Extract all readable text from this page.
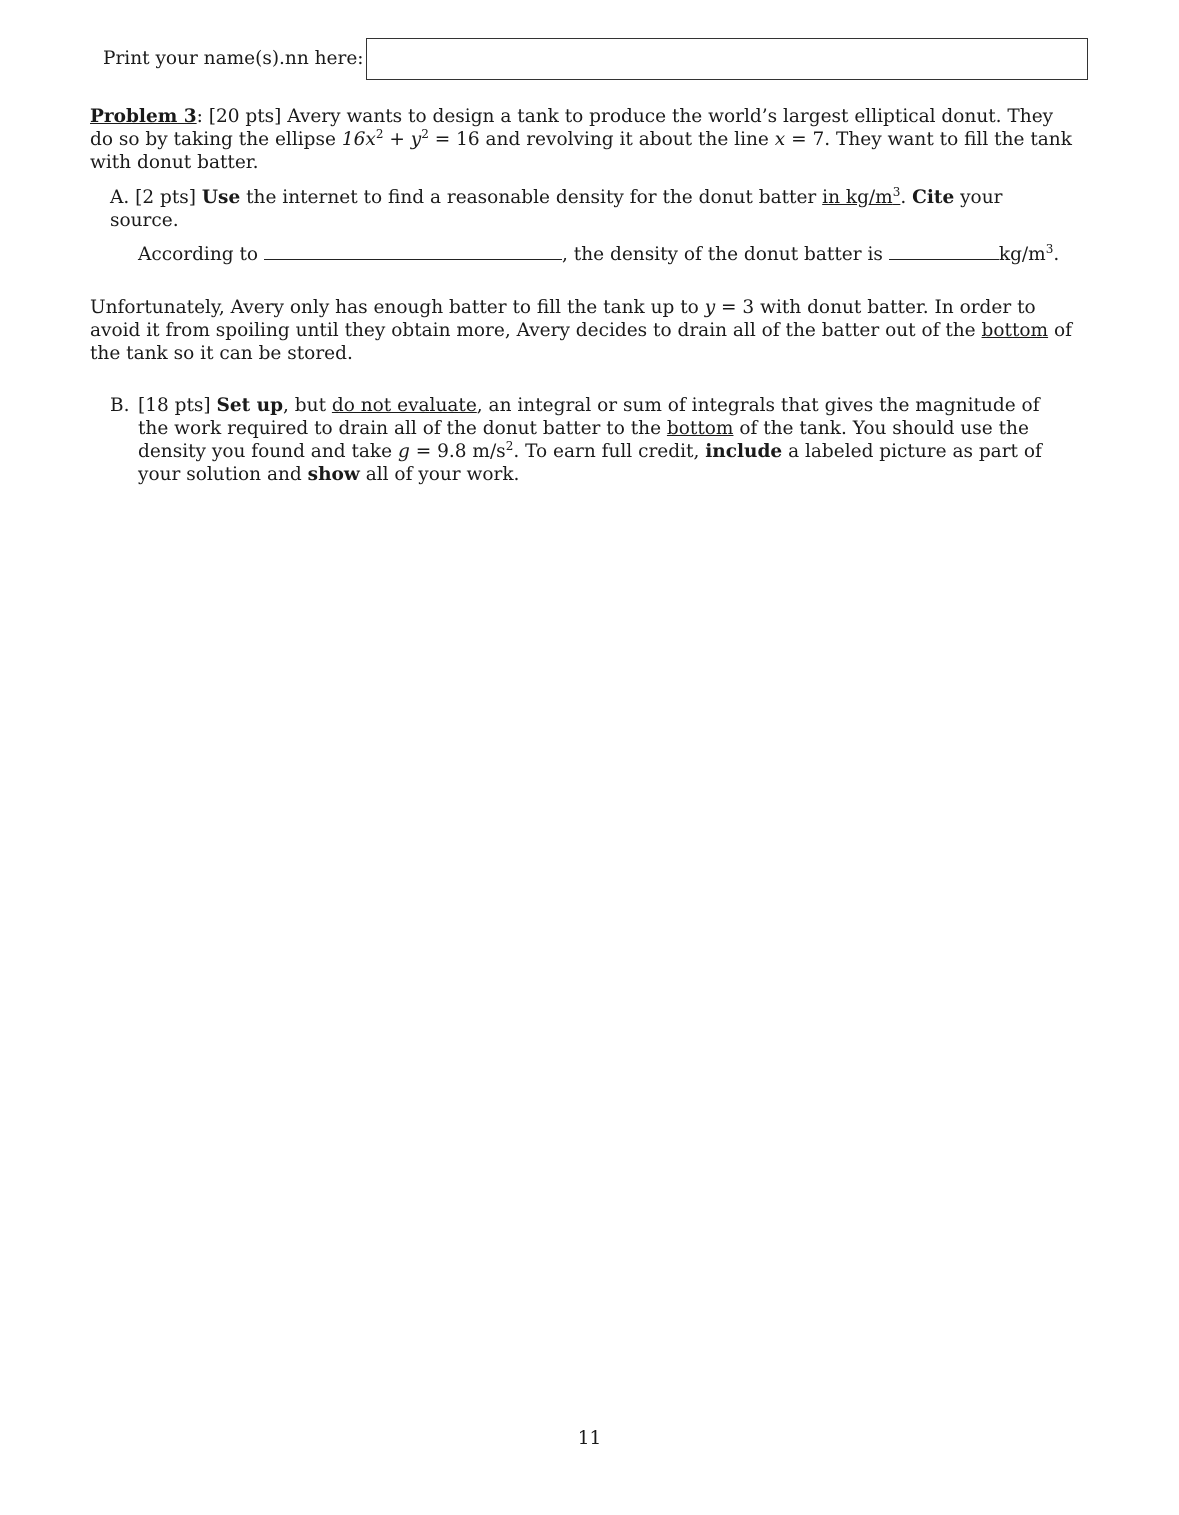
Print your name(s).nn here:
Problem 3: [20 pts] Avery wants to design a tank to produce the world’s largest elliptical donut. They do so by taking the ellipse $16x^2 + y^2 = 16$ and revolving it about the line x = 7. They want to fill the tank with donut batter.
A. [2 pts] Use the internet to find a reasonable density for the donut batter in $kg/m^3$. Cite your source.
According to	, the density of the donut batter is	$kg/m^3$.
Unfortunately, Avery only has enough batter to fill the tank up to y = 3 with donut batter. In order to avoid it from spoiling until they obtain more, Avery decides to drain all of the batter out of the bottom of the tank so it can be stored.
B. [18 pts] Set up, but do not evaluate, an integral or sum of integrals that gives the magnitude of the work required to drain all of the donut batter to the bottom of the tank. You should use the density you found and take g = 9.8 $m/s^2$. To earn full credit, include a labeled picture as part of your solution and show all of your work.
11
